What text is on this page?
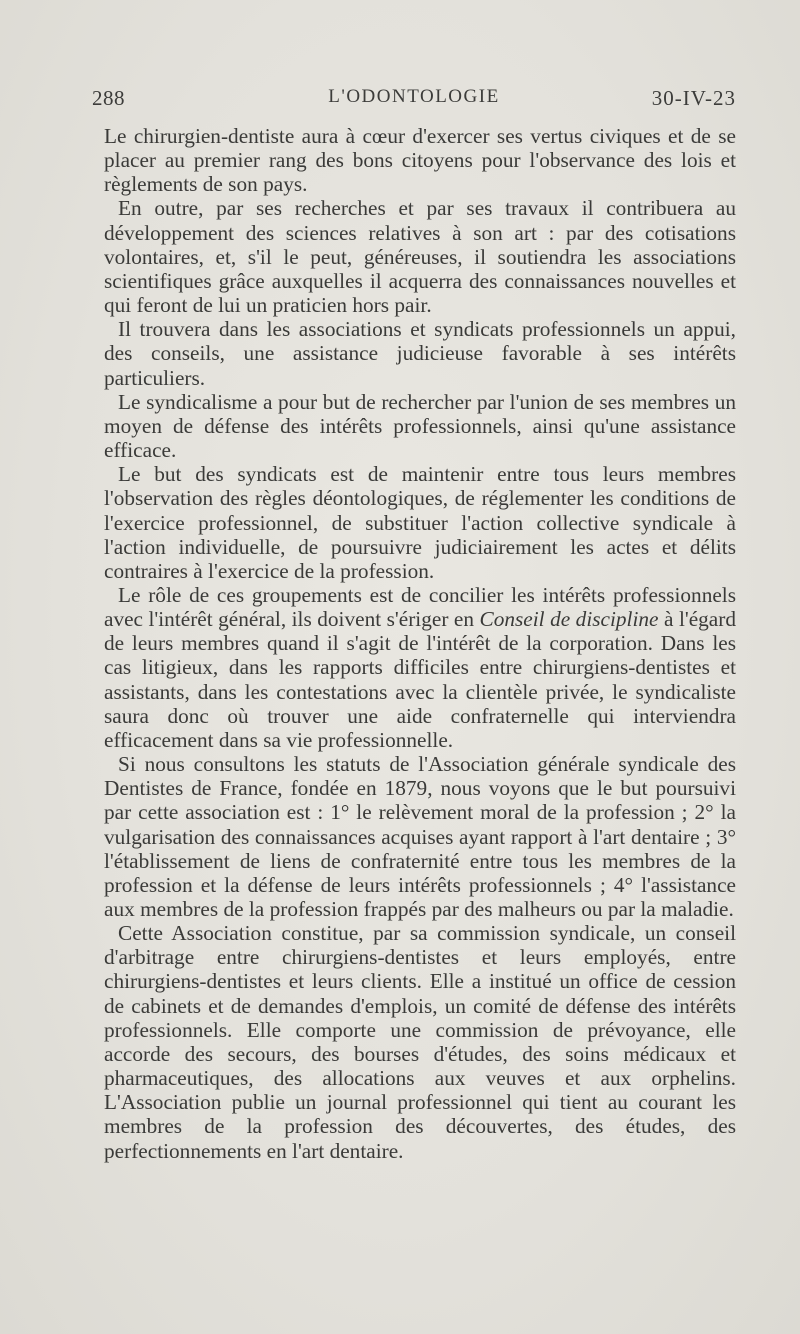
288	L'ODONTOLOGIE	30-IV-23

Le chirurgien-dentiste aura à cœur d'exercer ses vertus civiques et de se placer au premier rang des bons citoyens pour l'observance des lois et règlements de son pays.

En outre, par ses recherches et par ses travaux il contribuera au développement des sciences relatives à son art : par des cotisations volontaires, et, s'il le peut, généreuses, il soutiendra les associations scientifiques grâce auxquelles il acquerra des connaissances nouvelles et qui feront de lui un praticien hors pair.

Il trouvera dans les associations et syndicats professionnels un appui, des conseils, une assistance judicieuse favorable à ses intérêts particuliers.

Le syndicalisme a pour but de rechercher par l'union de ses membres un moyen de défense des intérêts professionnels, ainsi qu'une assistance efficace.

Le but des syndicats est de maintenir entre tous leurs membres l'observation des règles déontologiques, de réglementer les conditions de l'exercice professionnel, de substituer l'action collective syndicale à l'action individuelle, de poursuivre judiciairement les actes et délits contraires à l'exercice de la profession.

Le rôle de ces groupements est de concilier les intérêts professionnels avec l'intérêt général, ils doivent s'ériger en Conseil de discipline à l'égard de leurs membres quand il s'agit de l'intérêt de la corporation. Dans les cas litigieux, dans les rapports difficiles entre chirurgiens-dentistes et assistants, dans les contestations avec la clientèle privée, le syndicaliste saura donc où trouver une aide confraternelle qui interviendra efficacement dans sa vie professionnelle.

Si nous consultons les statuts de l'Association générale syndicale des Dentistes de France, fondée en 1879, nous voyons que le but poursuivi par cette association est : 1° le relèvement moral de la profession ; 2° la vulgarisation des connaissances acquises ayant rapport à l'art dentaire ; 3° l'établissement de liens de confraternité entre tous les membres de la profession et la défense de leurs intérêts professionnels ; 4° l'assistance aux membres de la profession frappés par des malheurs ou par la maladie.

Cette Association constitue, par sa commission syndicale, un conseil d'arbitrage entre chirurgiens-dentistes et leurs employés, entre chirurgiens-dentistes et leurs clients. Elle a institué un office de cession de cabinets et de demandes d'emplois, un comité de défense des intérêts professionnels. Elle comporte une commission de prévoyance, elle accorde des secours, des bourses d'études, des soins médicaux et pharmaceutiques, des allocations aux veuves et aux orphelins. L'Association publie un journal professionnel qui tient au courant les membres de la profession des découvertes, des études, des perfectionnements en l'art dentaire.
